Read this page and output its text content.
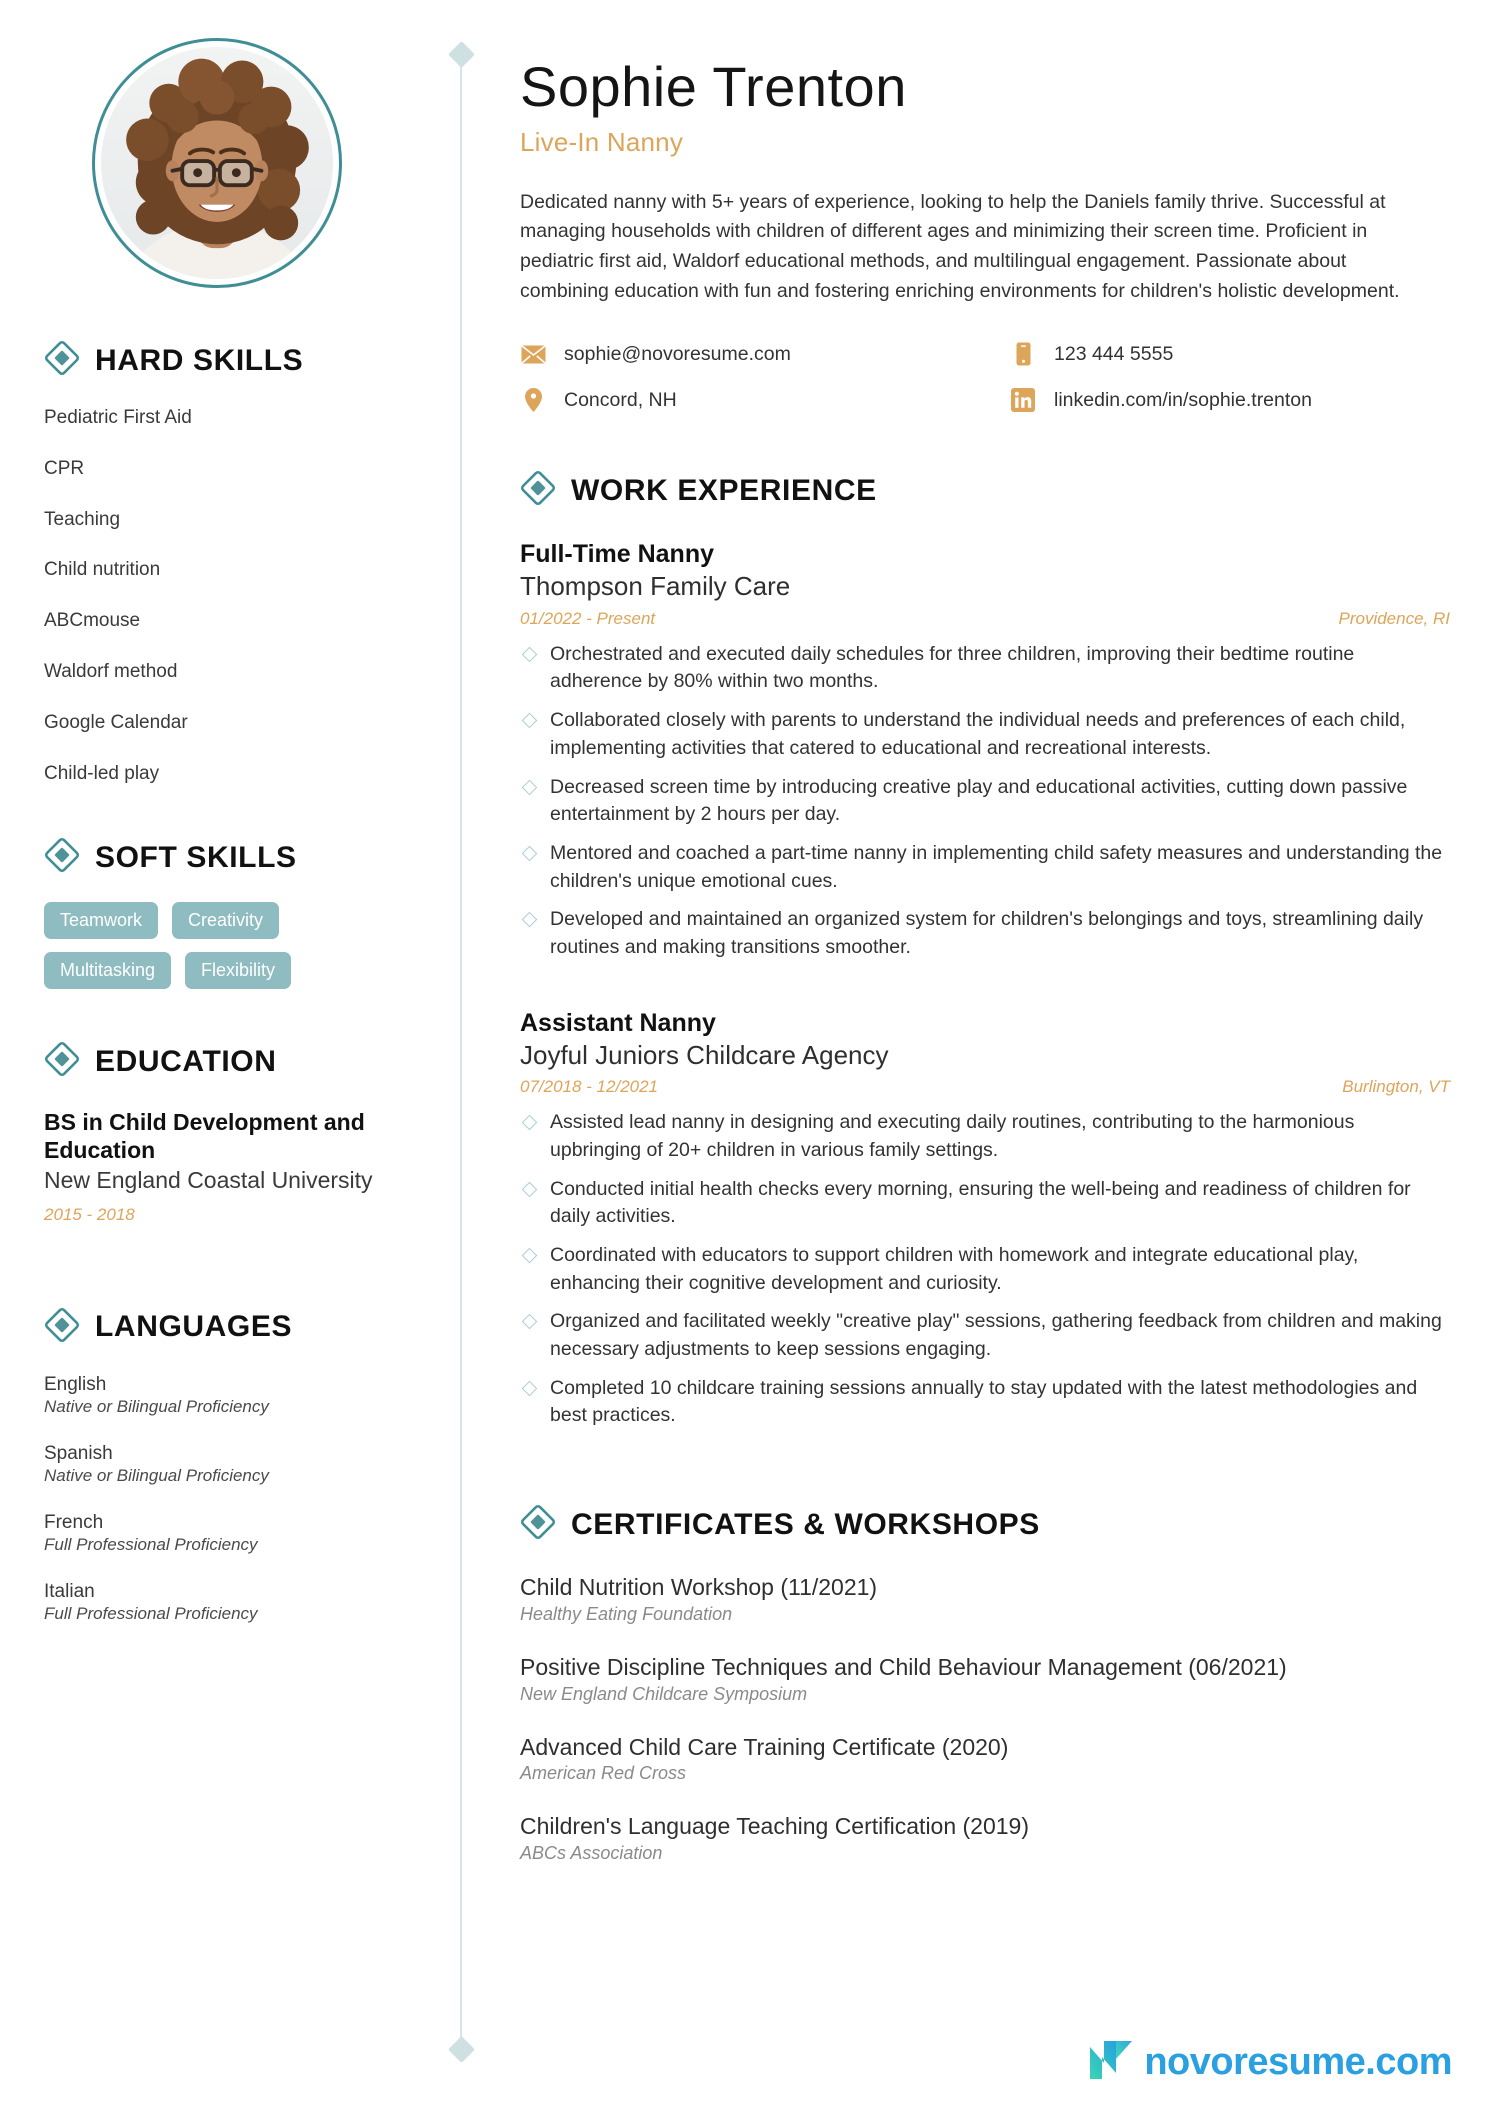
HARD SKILLS
Pediatric First Aid
CPR
Teaching
Child nutrition
ABCmouse
Waldorf method
Google Calendar
Child-led play
SOFT SKILLS
Teamwork	Creativity
Multitasking	Flexibility
EDUCATION
BS in Child Development and Education
New England Coastal University
2015 - 2018
LANGUAGES
English
Native or Bilingual Proficiency
Spanish
Native or Bilingual Proficiency
French
Full Professional Proficiency
Italian
Full Professional Proficiency
Sophie Trenton
Live-In Nanny

Dedicated nanny with 5+ years of experience, looking to help the Daniels family thrive. Successful at managing households with children of different ages and minimizing their screen time. Proficient in pediatric first aid, Waldorf educational methods, and multilingual engagement. Passionate about combining education with fun and fostering enriching environments for children's holistic development.

sophie@novoresume.com	123 444 5555
Concord, NH	linkedin.com/in/sophie.trenton
WORK EXPERIENCE
Full-Time Nanny
Thompson Family Care
01/2022 - Present	Providence, RI
Orchestrated and executed daily schedules for three children, improving their bedtime routine adherence by 80% within two months.
Collaborated closely with parents to understand the individual needs and preferences of each child, implementing activities that catered to educational and recreational interests.
Decreased screen time by introducing creative play and educational activities, cutting down passive entertainment by 2 hours per day.
Mentored and coached a part-time nanny in implementing child safety measures and understanding the children's unique emotional cues.
Developed and maintained an organized system for children's belongings and toys, streamlining daily routines and making transitions smoother.
Assistant Nanny
Joyful Juniors Childcare Agency
07/2018 - 12/2021	Burlington, VT
Assisted lead nanny in designing and executing daily routines, contributing to the harmonious upbringing of 20+ children in various family settings.
Conducted initial health checks every morning, ensuring the well-being and readiness of children for daily activities.
Coordinated with educators to support children with homework and integrate educational play, enhancing their cognitive development and curiosity.
Organized and facilitated weekly "creative play" sessions, gathering feedback from children and making necessary adjustments to keep sessions engaging.
Completed 10 childcare training sessions annually to stay updated with the latest methodologies and best practices.
CERTIFICATES & WORKSHOPS
Child Nutrition Workshop (11/2021)
Healthy Eating Foundation
Positive Discipline Techniques and Child Behaviour Management (06/2021)
New England Childcare Symposium
Advanced Child Care Training Certificate (2020)
American Red Cross
Children's Language Teaching Certification (2019)
ABCs Association
novoresume.com
